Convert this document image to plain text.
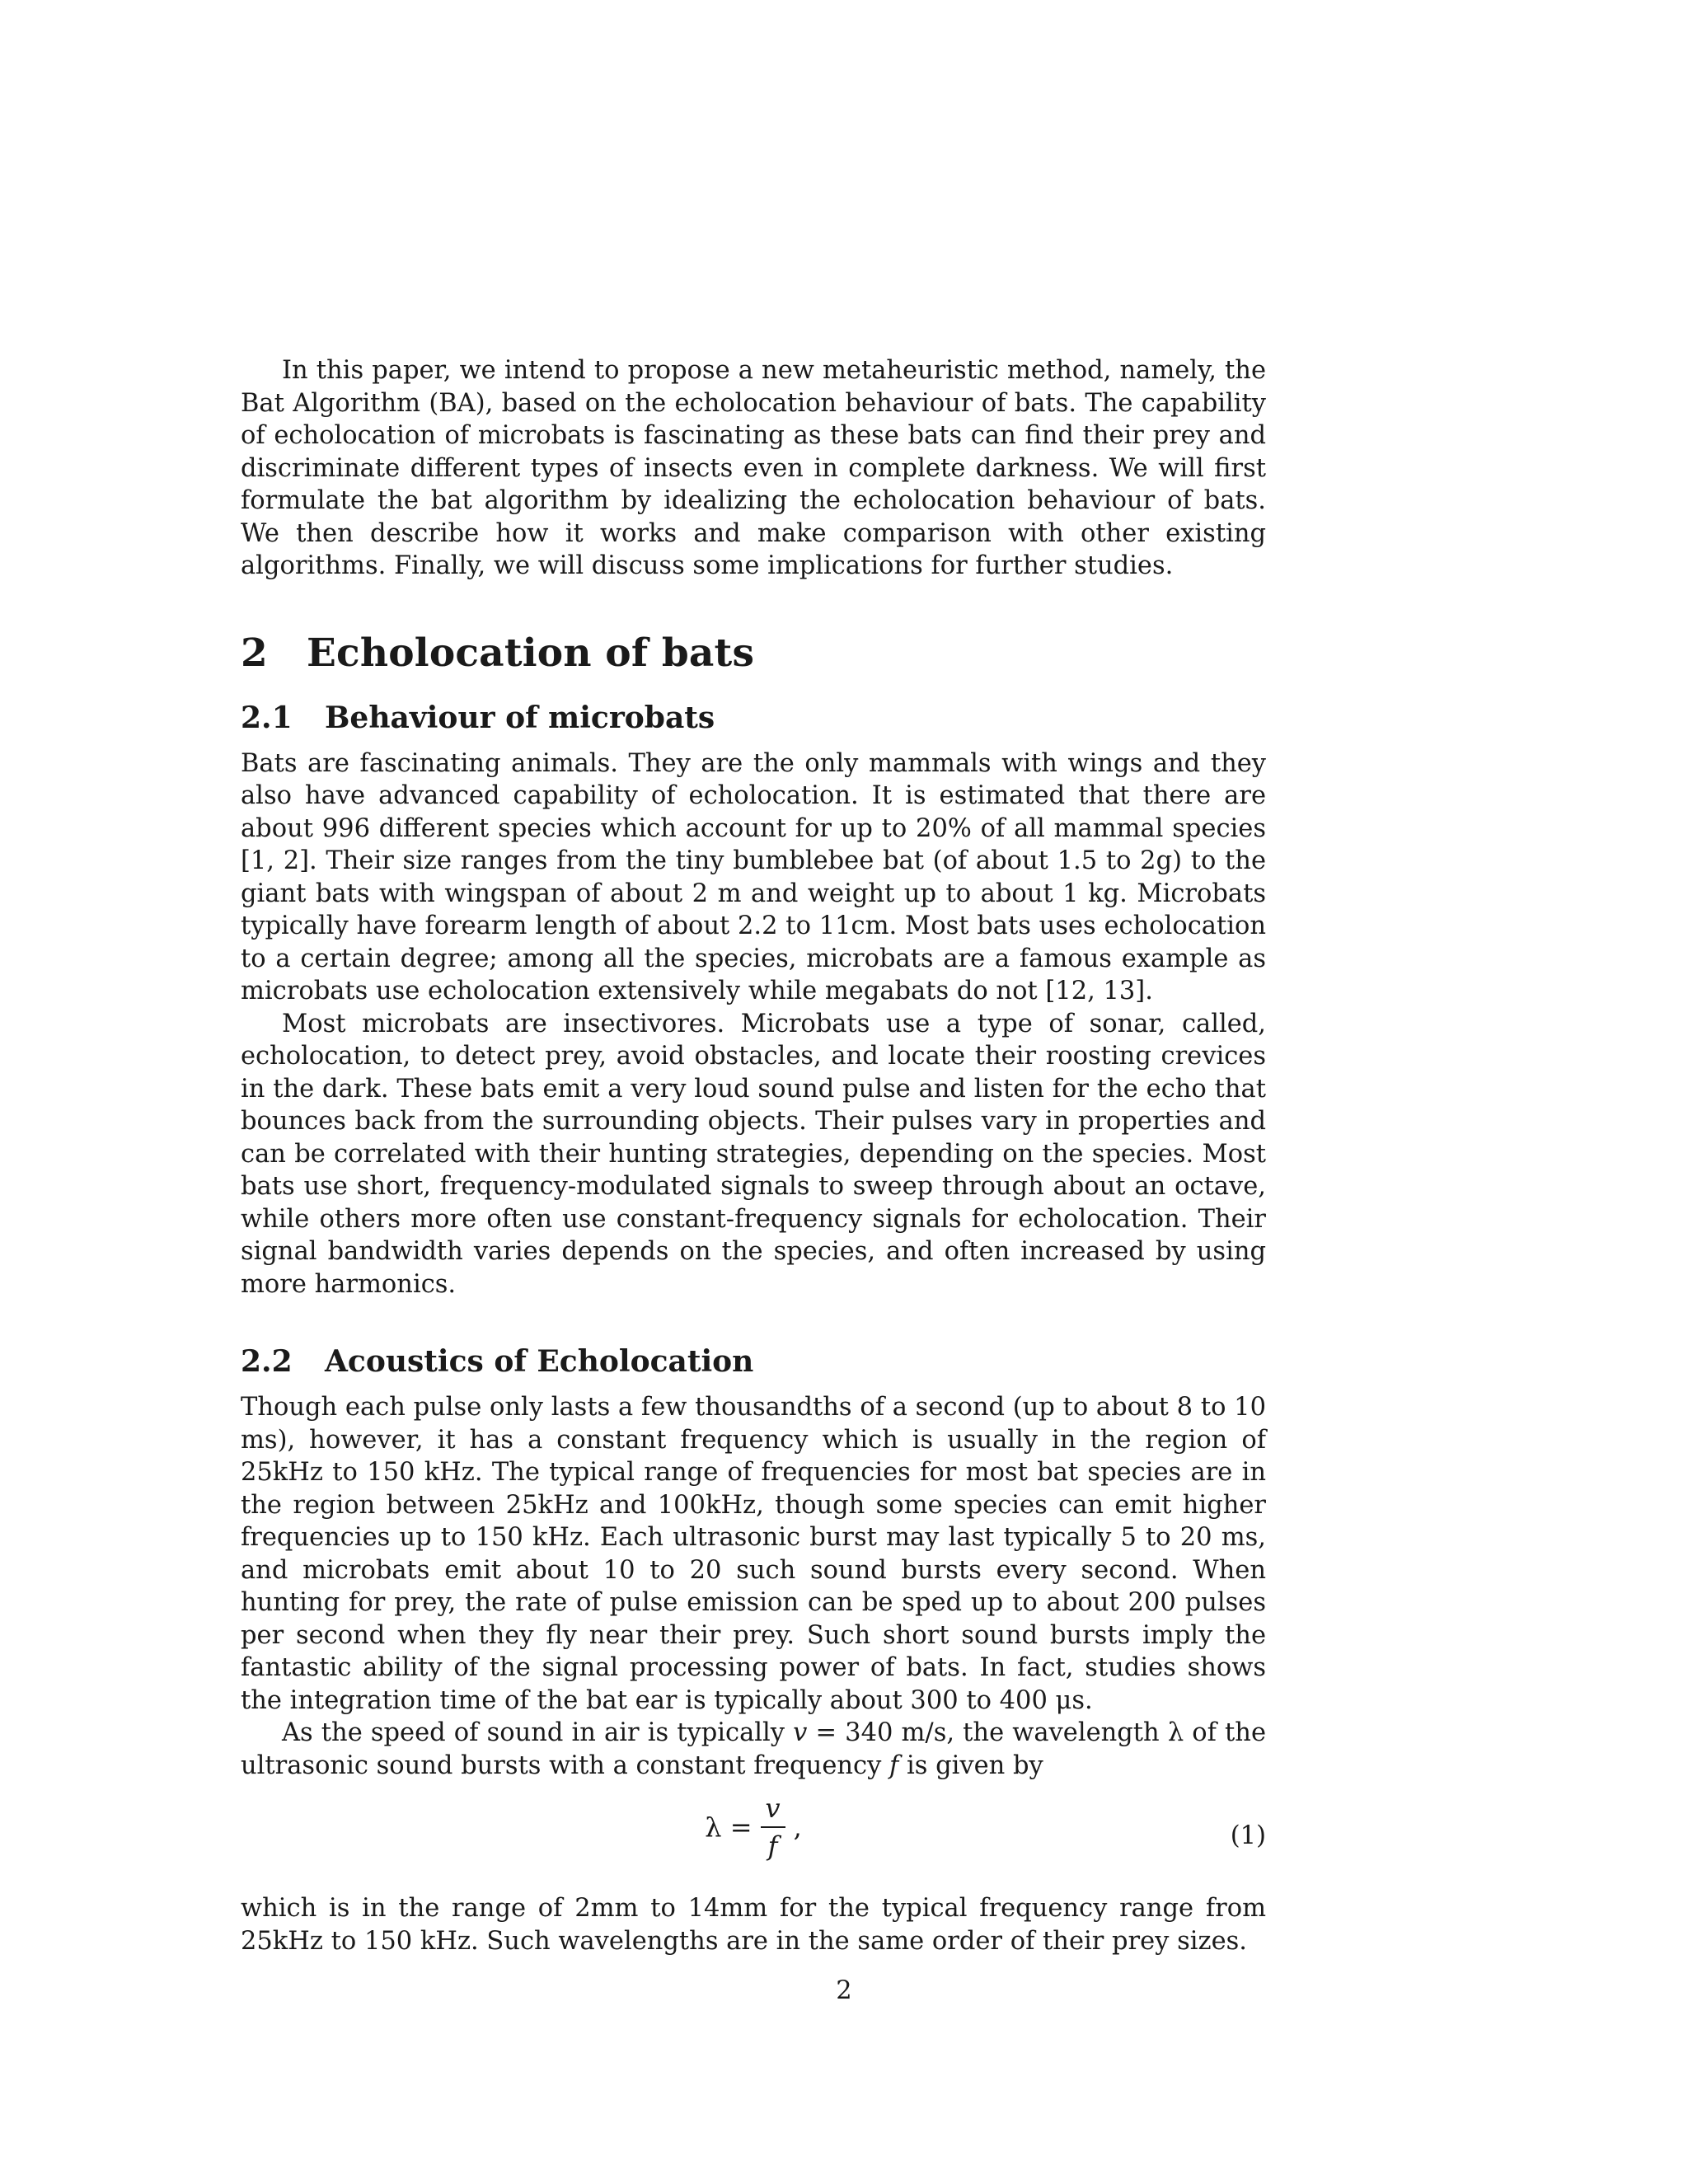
In this paper, we intend to propose a new metaheuristic method, namely, the Bat Algorithm (BA), based on the echolocation behaviour of bats. The capability of echolocation of microbats is fascinating as these bats can find their prey and discriminate different types of insects even in complete darkness. We will first formulate the bat algorithm by idealizing the echolocation behaviour of bats. We then describe how it works and make comparison with other existing algorithms. Finally, we will discuss some implications for further studies.

2 Echolocation of bats
2.1 Behaviour of microbats

Bats are fascinating animals. They are the only mammals with wings and they also have advanced capability of echolocation. It is estimated that there are about 996 different species which account for up to 20% of all mammal species [1, 2]. Their size ranges from the tiny bumblebee bat (of about 1.5 to 2g) to the giant bats with wingspan of about 2 m and weight up to about 1 kg. Microbats typically have forearm length of about 2.2 to 11cm. Most bats uses echolocation to a certain degree; among all the species, microbats are a famous example as microbats use echolocation extensively while megabats do not [12, 13].

Most microbats are insectivores. Microbats use a type of sonar, called, echolocation, to detect prey, avoid obstacles, and locate their roosting crevices in the dark. These bats emit a very loud sound pulse and listen for the echo that bounces back from the surrounding objects. Their pulses vary in properties and can be correlated with their hunting strategies, depending on the species. Most bats use short, frequency-modulated signals to sweep through about an octave, while others more often use constant-frequency signals for echolocation. Their signal bandwidth varies depends on the species, and often increased by using more harmonics.

2.2 Acoustics of Echolocation

Though each pulse only lasts a few thousandths of a second (up to about 8 to 10 ms), however, it has a constant frequency which is usually in the region of 25kHz to 150 kHz. The typical range of frequencies for most bat species are in the region between 25kHz and 100kHz, though some species can emit higher frequencies up to 150 kHz. Each ultrasonic burst may last typically 5 to 20 ms, and microbats emit about 10 to 20 such sound bursts every second. When hunting for prey, the rate of pulse emission can be sped up to about 200 pulses per second when they fly near their prey. Such short sound bursts imply the fantastic ability of the signal processing power of bats. In fact, studies shows the integration time of the bat ear is typically about 300 to 400 μs.

As the speed of sound in air is typically v = 340 m/s, the wavelength λ of the ultrasonic sound bursts with a constant frequency f is given by

$\lambda = \frac{v}{f}$ ,	(1)

which is in the range of 2mm to 14mm for the typical frequency range from 25kHz to 150 kHz. Such wavelengths are in the same order of their prey sizes.

2
